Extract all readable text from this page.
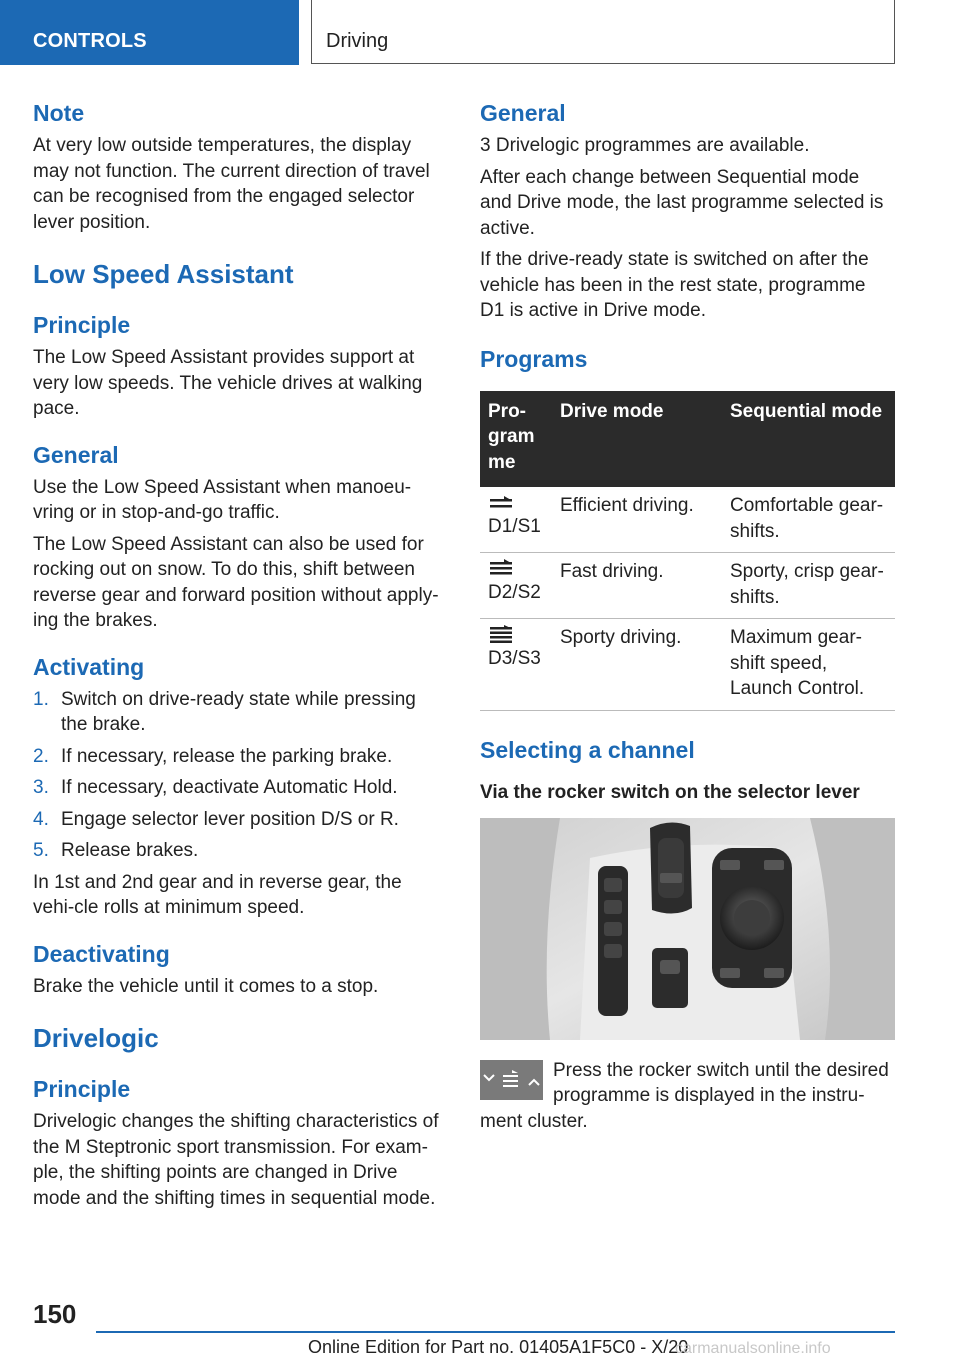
CONTROLS	Driving
Note

At very low outside temperatures, the display may not function. The current direction of travel can be recognised from the engaged selector lever position.

Low Speed Assistant
Principle

The Low Speed Assistant provides support at very low speeds. The vehicle drives at walking pace.

General

Use the Low Speed Assistant when manoeu-vring or in stop-and-go traffic.

The Low Speed Assistant can also be used for rocking out on snow. To do this, shift between reverse gear and forward position without apply-ing the brakes.

Activating
1. Switch on drive-ready state while pressing the brake.
2. If necessary, release the parking brake.
3. If necessary, deactivate Automatic Hold.
4. Engage selector lever position D/S or R.
5. Release brakes.

In 1st and 2nd gear and in reverse gear, the vehi-cle rolls at minimum speed.

Deactivating

Brake the vehicle until it comes to a stop.

Drivelogic
Principle

Drivelogic changes the shifting characteristics of the M Steptronic sport transmission. For exam-ple, the shifting points are changed in Drive mode and the shifting times in sequential mode.

General

3 Drivelogic programmes are available.

After each change between Sequential mode and Drive mode, the last programme selected is active.

If the drive-ready state is switched on after the vehicle has been in the rest state, programme D1 is active in Drive mode.

Programs
Pro-gram me	Drive mode	Sequential mode

D1/S1	Efficient driving.	Comfortable gear-shifts.

D2/S2	Fast driving.	Sporty, crisp gear-shifts.

D3/S3	Sporty driving.	Maximum gear-shift speed, Launch Control.
Selecting a channel
Via the rocker switch on the selector lever

Press the rocker switch until the desired programme is displayed in the instru-ment cluster.

150
Online Edition for Part no. 01405A1F5C0 - X/20
carmanualsonline.info
